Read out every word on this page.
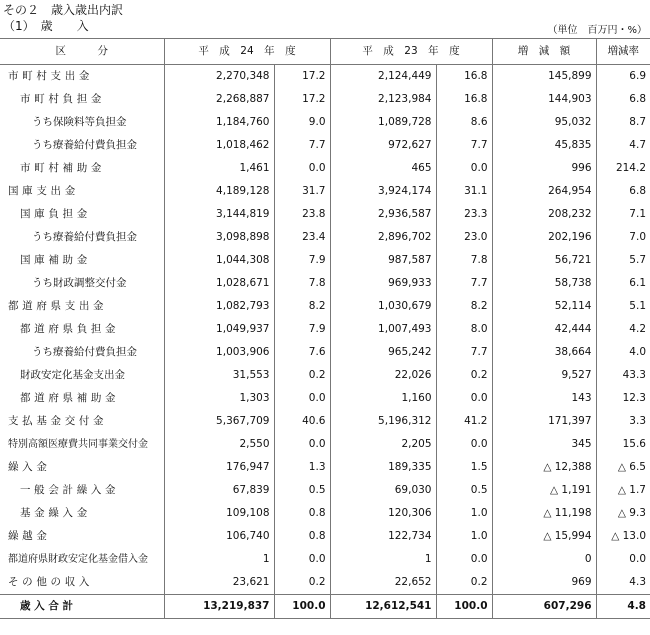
その２　歳入歳出内訳
（1）　歳　　入	（単位　百万円・%）
区　　　分	平　成　24　年　度		平　成　23　年　度		増　減　額	増減率
市町村支出金	2,270,348	17.2	2,124,449	16.8	145,899	6.9
市町村負担金	2,268,887	17.2	2,123,984	16.8	144,903	6.8
うち保険料等負担金	1,184,760	9.0	1,089,728	8.6	95,032	8.7
うち療養給付費負担金	1,018,462	7.7	972,627	7.7	45,835	4.7
市町村補助金	1,461	0.0	465	0.0	996	214.2
国庫支出金	4,189,128	31.7	3,924,174	31.1	264,954	6.8
国庫負担金	3,144,819	23.8	2,936,587	23.3	208,232	7.1
うち療養給付費負担金	3,098,898	23.4	2,896,702	23.0	202,196	7.0
国庫補助金	1,044,308	7.9	987,587	7.8	56,721	5.7
うち財政調整交付金	1,028,671	7.8	969,933	7.7	58,738	6.1
都道府県支出金	1,082,793	8.2	1,030,679	8.2	52,114	5.1
都道府県負担金	1,049,937	7.9	1,007,493	8.0	42,444	4.2
うち療養給付費負担金	1,003,906	7.6	965,242	7.7	38,664	4.0
財政安定化基金支出金	31,553	0.2	22,026	0.2	9,527	43.3
都道府県補助金	1,303	0.0	1,160	0.0	143	12.3
支払基金交付金	5,367,709	40.6	5,196,312	41.2	171,397	3.3
特別高額医療費共同事業交付金	2,550	0.0	2,205	0.0	345	15.6
繰入金	176,947	1.3	189,335	1.5	△ 12,388	△ 6.5
一般会計繰入金	67,839	0.5	69,030	0.5	△ 1,191	△ 1.7
基金繰入金	109,108	0.8	120,306	1.0	△ 11,198	△ 9.3
繰越金	106,740	0.8	122,734	1.0	△ 15,994	△ 13.0
都道府県財政安定化基金借入金	1	0.0	1	0.0	0	0.0
その他の収入	23,621	0.2	22,652	0.2	969	4.3
歳入合計	13,219,837	100.0	12,612,541	100.0	607,296	4.8
